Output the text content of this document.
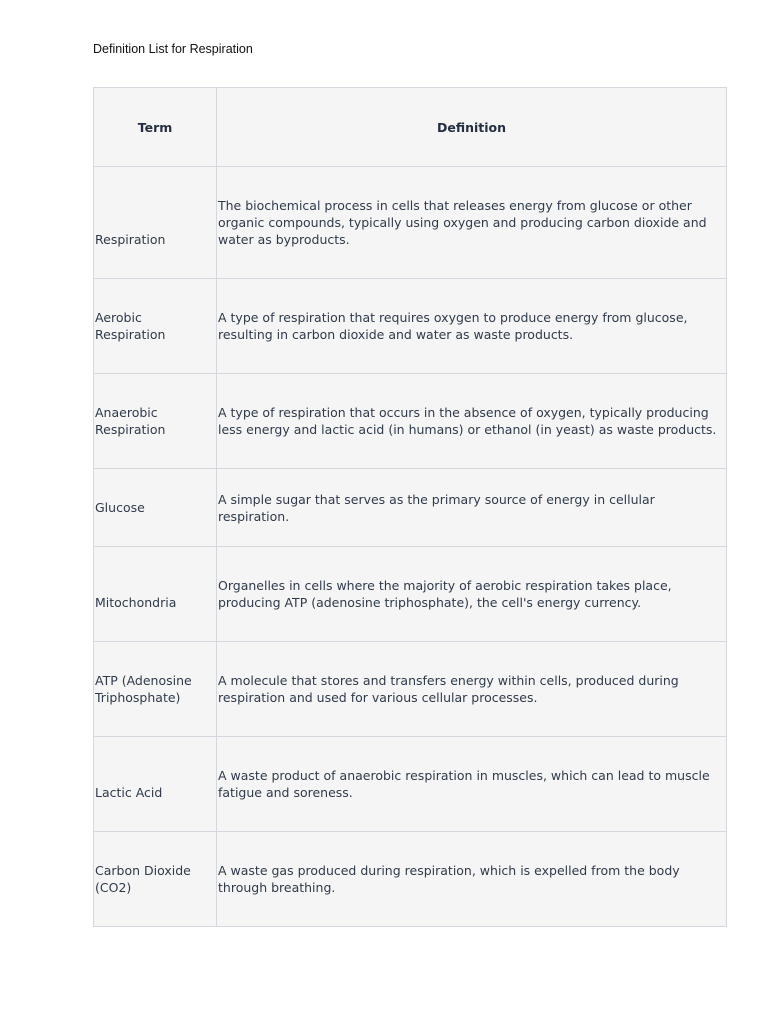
Definition List for Respiration
Term	Definition
Respiration	The biochemical process in cells that releases energy from glucose or other organic compounds, typically using oxygen and producing carbon dioxide and water as byproducts.
Aerobic Respiration	A type of respiration that requires oxygen to produce energy from glucose, resulting in carbon dioxide and water as waste products.
Anaerobic Respiration	A type of respiration that occurs in the absence of oxygen, typically producing less energy and lactic acid (in humans) or ethanol (in yeast) as waste products.
Glucose	A simple sugar that serves as the primary source of energy in cellular respiration.
Mitochondria	Organelles in cells where the majority of aerobic respiration takes place, producing ATP (adenosine triphosphate), the cell's energy currency.
ATP (Adenosine Triphosphate)	A molecule that stores and transfers energy within cells, produced during respiration and used for various cellular processes.
Lactic Acid	A waste product of anaerobic respiration in muscles, which can lead to muscle fatigue and soreness.
Carbon Dioxide (CO2)	A waste gas produced during respiration, which is expelled from the body through breathing.
